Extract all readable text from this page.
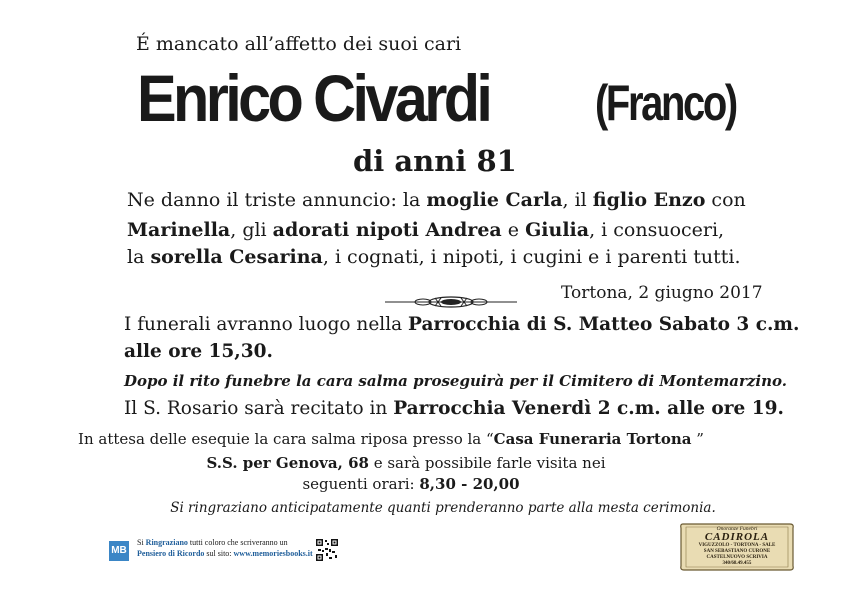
É mancato all’affetto dei suoi cari
Enrico Civardi (Franco)
di anni 81
Ne danno il triste annuncio: la moglie Carla, il figlio Enzo con
Marinella, gli adorati nipoti Andrea e Giulia, i consuoceri,
la sorella Cesarina, i cognati, i nipoti, i cugini e i parenti tutti.
Tortona, 2 giugno 2017
I funerali avranno luogo nella Parrocchia di S. Matteo Sabato 3 c.m.
alle ore 15,30.
Dopo il rito funebre la cara salma proseguirà per il Cimitero di Montemarzino.
Il S. Rosario sarà recitato in Parrocchia Venerdì 2 c.m. alle ore 19.
In attesa delle esequie la cara salma riposa presso la “Casa Funeraria Tortona ”
S.S. per Genova, 68 e sarà possibile farle visita nei
seguenti orari: 8,30 - 20,00
Si ringraziano anticipatamente quanti prenderanno parte alla mesta cerimonia.
MB
Si Ringraziano tutti coloro che scriveranno un
Pensiero di Ricordo sul sito: www.memoriesbooks.it
Onoranze Funebri
CADIROLA
VIGUZZOLO - TORTONA - SALE
SAN SEBASTIANO CURONE
CASTELNUOVO SCRIVIA
340/68.49.455
